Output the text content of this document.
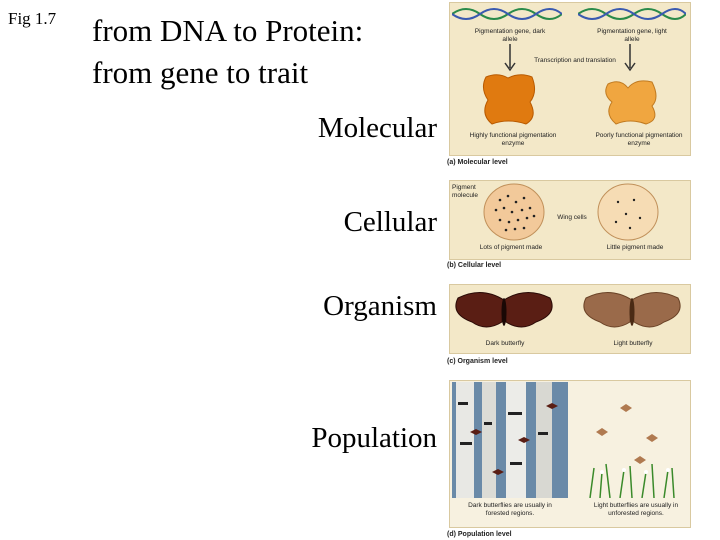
Fig 1.7 from DNA to Protein:
from gene to trait
Molecular
Cellular
Organism
Population
Pigmentation gene, dark allele
Pigmentation gene, light allele
Transcription and translation
Highly functional pigmentation enzyme
Poorly functional pigmentation enzyme
(a) Molecular level
Pigment molecule
Wing cells
Lots of pigment made	Little pigment made
(b) Cellular level
Dark butterfly	Light butterfly
(c) Organism level
Dark butterflies are usually in forested regions.
Light butterflies are usually in unforested regions.
(d) Population level
